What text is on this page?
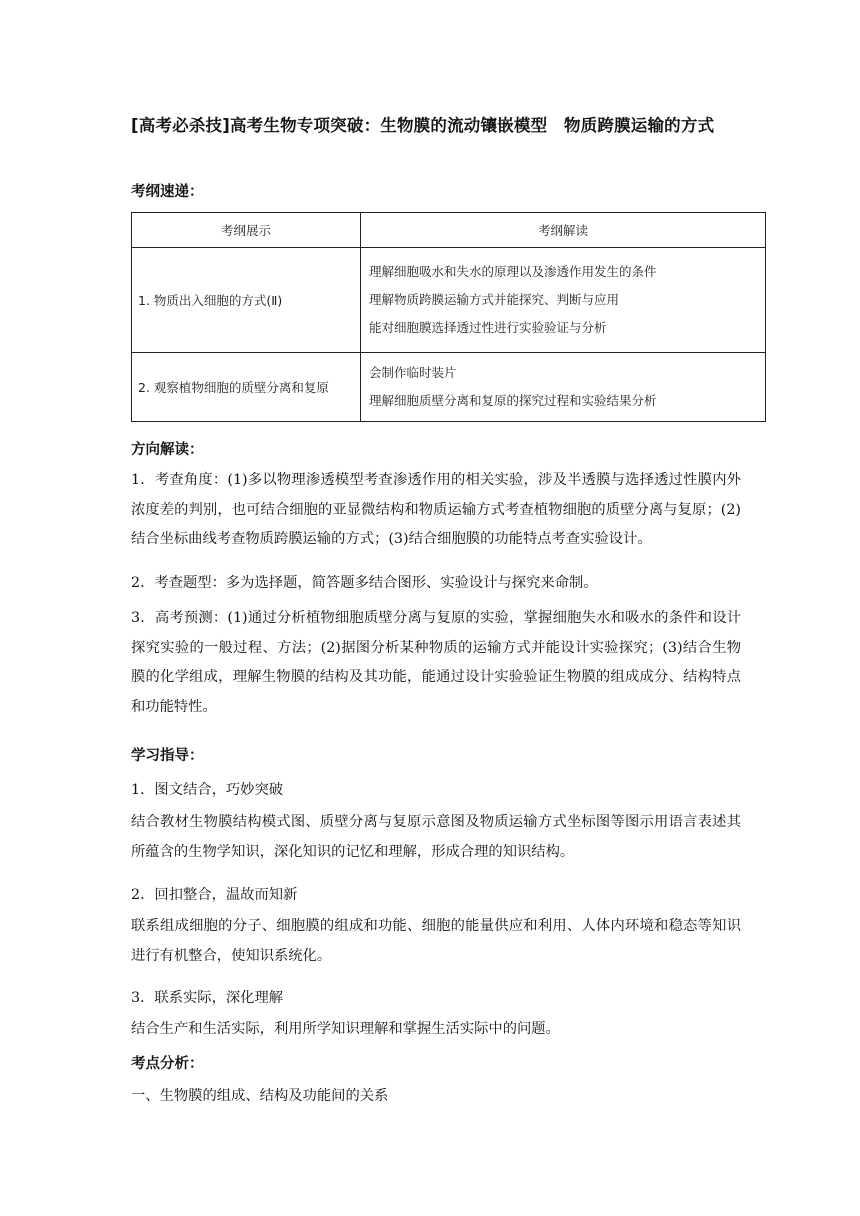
[高考必杀技]高考生物专项突破：生物膜的流动镶嵌模型　物质跨膜运输的方式
考纲速递：
考纲展示	考纲解读
1. 物质出入细胞的方式(Ⅱ)	理解细胞吸水和失水的原理以及渗透作用发生的条件
理解物质跨膜运输方式并能探究、判断与应用
能对细胞膜选择透过性进行实验验证与分析

2. 观察植物细胞的质壁分离和复原	会制作临时装片
理解细胞质壁分离和复原的探究过程和实验结果分析
方向解读：
1．考查角度：(1)多以物理渗透模型考查渗透作用的相关实验，涉及半透膜与选择透过性膜内外浓度差的判别，也可结合细胞的亚显微结构和物质运输方式考查植物细胞的质壁分离与复原；(2)结合坐标曲线考查物质跨膜运输的方式；(3)结合细胞膜的功能特点考查实验设计。
2．考查题型：多为选择题，简答题多结合图形、实验设计与探究来命制。
3．高考预测：(1)通过分析植物细胞质壁分离与复原的实验，掌握细胞失水和吸水的条件和设计探究实验的一般过程、方法；(2)据图分析某种物质的运输方式并能设计实验探究；(3)结合生物膜的化学组成，理解生物膜的结构及其功能，能通过设计实验验证生物膜的组成成分、结构特点和功能特性。
学习指导：
1．图文结合，巧妙突破
结合教材生物膜结构模式图、质壁分离与复原示意图及物质运输方式坐标图等图示用语言表述其所蕴含的生物学知识，深化知识的记忆和理解，形成合理的知识结构。
2．回扣整合，温故而知新
联系组成细胞的分子、细胞膜的组成和功能、细胞的能量供应和利用、人体内环境和稳态等知识进行有机整合，使知识系统化。
3．联系实际，深化理解
结合生产和生活实际，利用所学知识理解和掌握生活实际中的问题。
考点分析：
一、生物膜的组成、结构及功能间的关系
